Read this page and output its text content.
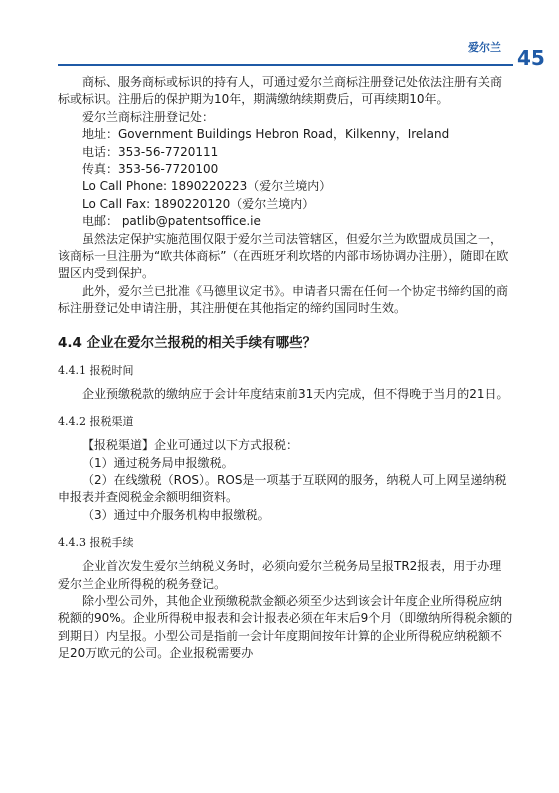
爱尔兰 45

商标、服务商标或标识的持有人，可通过爱尔兰商标注册登记处依法注册有关商标或标识。注册后的保护期为10年，期满缴纳续期费后，可再续期10年。

爱尔兰商标注册登记处：

地址：Government Buildings Hebron Road，Kilkenny，Ireland

电话：353-56-7720111

传真：353-56-7720100

Lo Call Phone: 1890220223（爱尔兰境内）

Lo Call Fax: 1890220120（爱尔兰境内）

电邮： patlib@patentsoffice.ie

虽然法定保护实施范围仅限于爱尔兰司法管辖区，但爱尔兰为欧盟成员国之一，该商标一旦注册为“欧共体商标”（在西班牙利坎塔的内部市场协调办注册），随即在欧盟区内受到保护。

此外，爱尔兰已批准《马德里议定书》。申请者只需在任何一个协定书缔约国的商标注册登记处申请注册，其注册便在其他指定的缔约国同时生效。

4.4 企业在爱尔兰报税的相关手续有哪些？
4.4.1 报税时间

企业预缴税款的缴纳应于会计年度结束前31天内完成，但不得晚于当月的21日。

4.4.2 报税渠道

【报税渠道】企业可通过以下方式报税：

（1）通过税务局申报缴税。

（2）在线缴税（ROS）。ROS是一项基于互联网的服务，纳税人可上网呈递纳税申报表并查阅税金余额明细资料。

（3）通过中介服务机构申报缴税。

4.4.3 报税手续

企业首次发生爱尔兰纳税义务时，必须向爱尔兰税务局呈报TR2报表，用于办理爱尔兰企业所得税的税务登记。

除小型公司外，其他企业预缴税款金额必须至少达到该会计年度企业所得税应纳税额的90%。企业所得税申报表和会计报表必须在年末后9个月（即缴纳所得税余额的到期日）内呈报。小型公司是指前一会计年度期间按年计算的企业所得税应纳税额不足20万欧元的公司。企业报税需要办
